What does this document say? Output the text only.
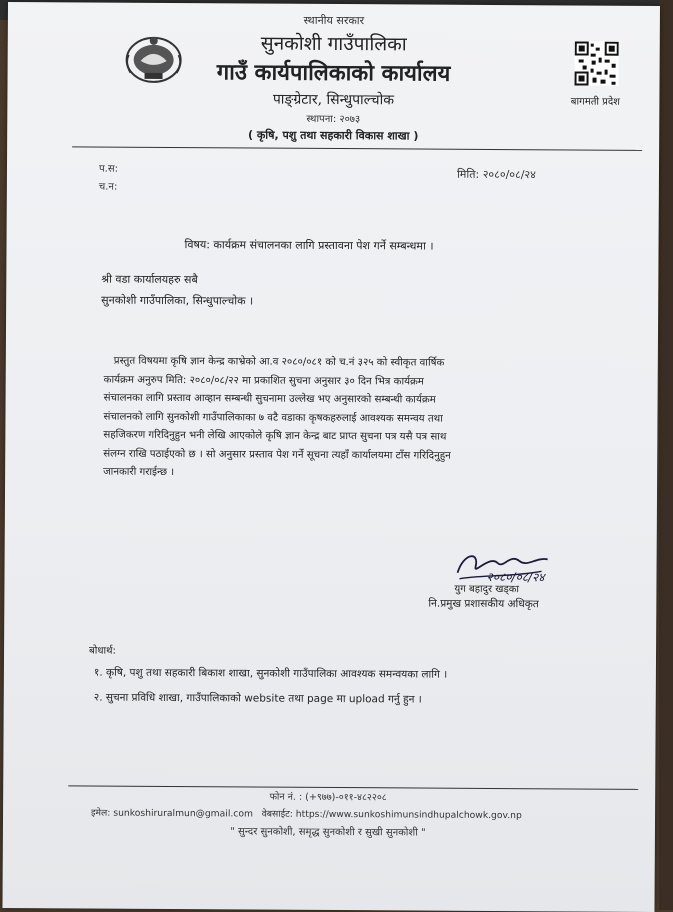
स्थानीय सरकार
सुनकोशी गाउँपालिका
गाउँ कार्यपालिकाको कार्यालय
पाङ्ग्रेटार, सिन्धुपाल्चोक
स्थापना: २०७३
( कृषि, पशु तथा सहकारी विकास शाखा )
बागमती प्रदेश
प.स:
च.न:
मिति: २०८०/०८/२४
विषय: कार्यक्रम संचालनका लागि प्रस्तावना पेश गर्ने सम्बन्धमा ।
श्री वडा कार्यालयहरु सबै
सुनकोशी गाउँपालिका, सिन्धुपाल्चोक ।
प्रस्तुत विषयमा कृषि ज्ञान केन्द्र काभ्रेको आ.व २०८०/०८१ को च.नं ३२५ को स्वीकृत वार्षिक
कार्यक्रम अनुरुप मिति: २०८०/०८/२२ मा प्रकाशित सुचना अनुसार ३० दिन भित्र कार्यक्रम
संचालनका लागि प्रस्ताव आव्हान सम्बन्धी सुचनामा उल्लेख भए अनुसारको सम्बन्धी कार्यक्रम
संचालनको लागि सुनकोशी गाउँपालिकाका ७ वटै वडाका कृषकहरुलाई आवश्यक समन्वय तथा
सहजिकरण गरिदिनुहुन भनी लेखि आएकोले कृषि ज्ञान केन्द्र बाट प्राप्त सुचना पत्र यसै पत्र साथ
संलग्न राखि पठाईएको छ । सो अनुसार प्रस्ताव पेश गर्ने सूचना त्यहाँ कार्यालयमा टाँस गरिदिनुहुन
जानकारी गराईन्छ ।
२०८०/०८/२४
युग बहादुर खड्का
नि.प्रमुख प्रशासकीय अधिकृत
बोधार्थ:
१. कृषि, पशु तथा सहकारी बिकाश शाखा, सुनकोशी गाउँपालिका आवश्यक समन्वयका लागि ।
२. सुचना प्रविधि शाखा, गाउँपालिकाको website तथा page मा upload गर्नु हुन ।
फोन नं. : (+९७७)-०११-४८२२०८
इमेल: sunkoshiruralmun@gmail.com वेबसाईट: https://www.sunkoshimunsindhupalchowk.gov.np
" सुन्दर सुनकोशी, समृद्ध सुनकोशी र सुखी सुनकोशी "
